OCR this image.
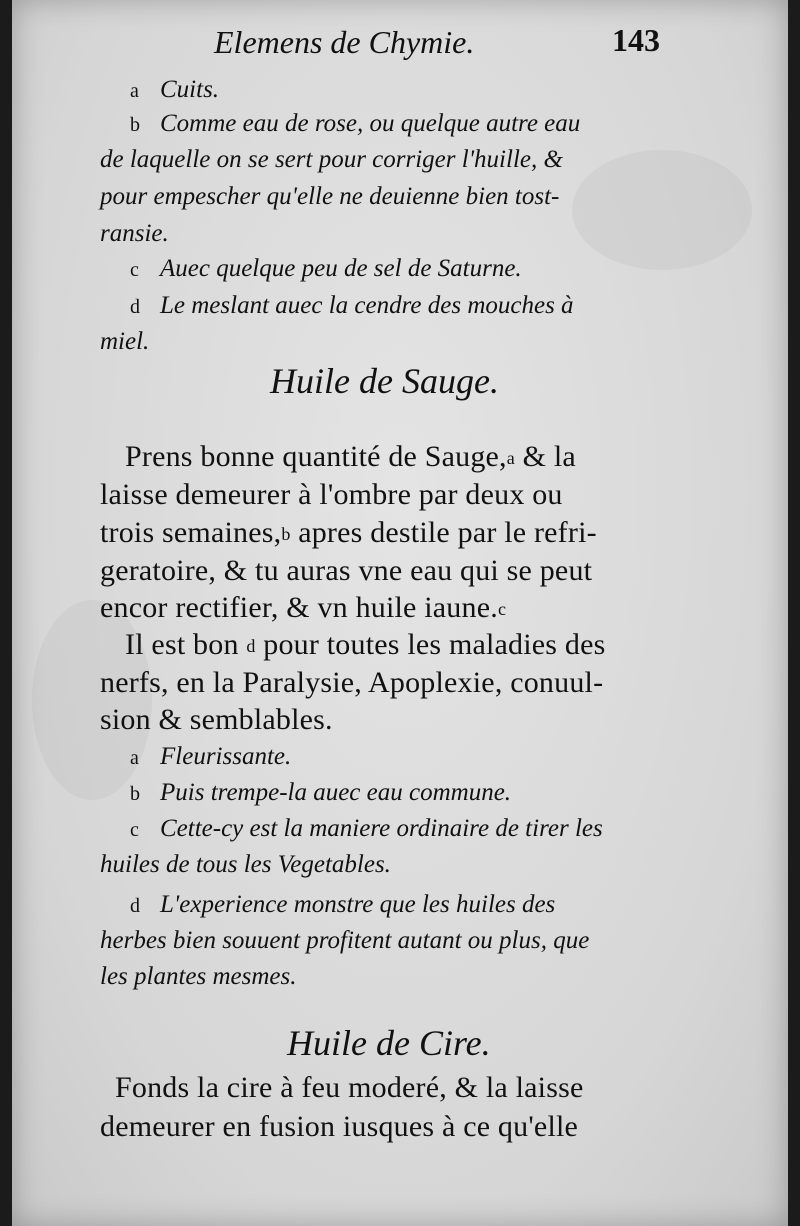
Elemens de Chymie.	143
a Cuits.
b Comme eau de rose, ou quelque autre eau
de laquelle on se sert pour corriger l'huille, &
pour empescher qu'elle ne deuienne bien tost-
ransie.
c Auec quelque peu de sel de Saturne.
d Le meslant auec la cendre des mouches à
miel.
Huile de Sauge.
Prens bonne quantité de Sauge,a & la
laisse demeurer à l'ombre par deux ou
trois semaines,b apres destile par le refri-
geratoire, & tu auras vne eau qui se peut
encor rectifier, & vn huile iaune.c
Il est bon d pour toutes les maladies des
nerfs, en la Paralysie, Apoplexie, conuul-
sion & semblables.
a Fleurissante.
b Puis trempe-la auec eau commune.
c Cette-cy est la maniere ordinaire de tirer les
huiles de tous les Vegetables.
d L'experience monstre que les huiles des
herbes bien souuent profitent autant ou plus, que
les plantes mesmes.
Huile de Cire.
Fonds la cire à feu moderé, & la laisse
demeurer en fusion iusques à ce qu'elle
